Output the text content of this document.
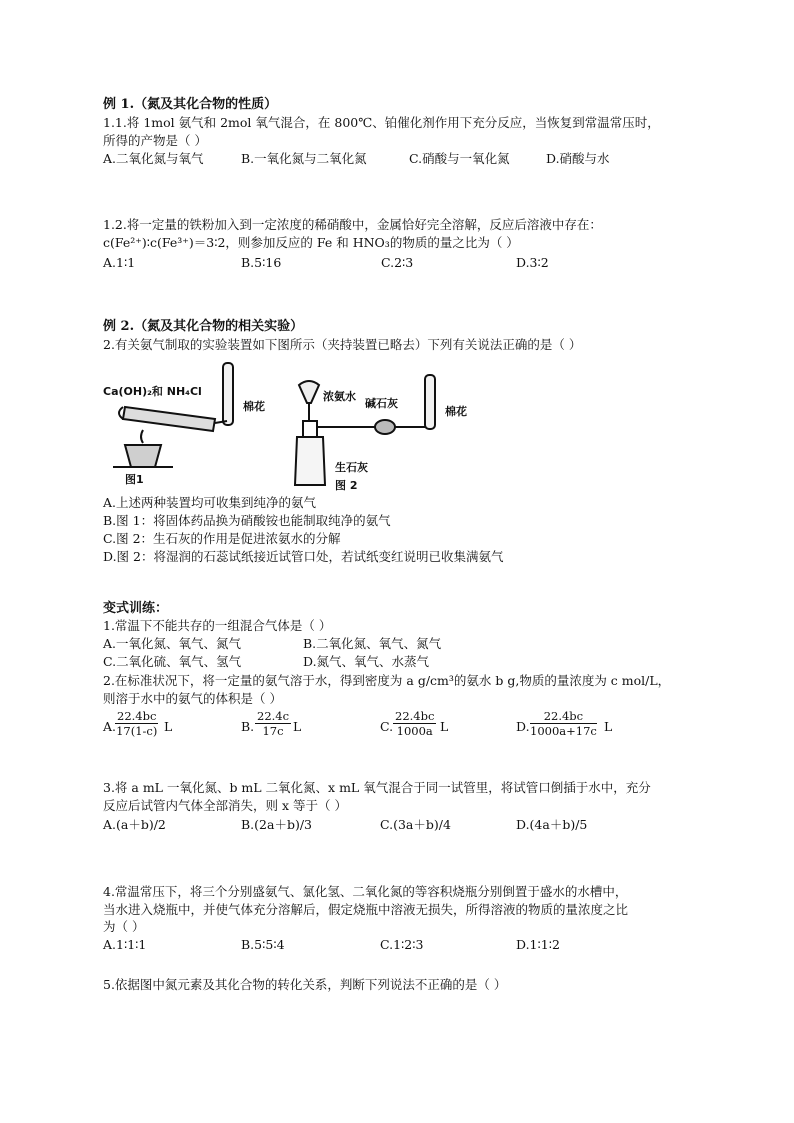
例 1.（氮及其化合物的性质）
1.1.将 1mol 氨气和 2mol 氧气混合，在 800℃、铂催化剂作用下充分反应，当恢复到常温常压时，
所得的产物是（ ）
A.二氧化氮与氧气	B.一氧化氮与二氧化氮	C.硝酸与一氧化氮	D.硝酸与水
1.2.将一定量的铁粉加入到一定浓度的稀硝酸中，金属恰好完全溶解，反应后溶液中存在：
c(Fe²⁺)∶c(Fe³⁺)＝3∶2，则参加反应的 Fe 和 HNO₃的物质的量之比为（ ）
A.1∶1	B.5∶16	C.2∶3	D.3∶2
例 2.（氮及其化合物的相关实验）
2.有关氨气制取的实验装置如下图所示（夹持装置已略去）下列有关说法正确的是（ ）
Ca(OH)₂和 NH₄Cl
棉花
图1
浓氨水
生石灰
碱石灰
棉花
图 2
A.上述两种装置均可收集到纯净的氨气
B.图 1：将固体药品换为硝酸铵也能制取纯净的氨气
C.图 2：生石灰的作用是促进浓氨水的分解
D.图 2：将湿润的石蕊试纸接近试管口处，若试纸变红说明已收集满氨气
变式训练：
1.常温下不能共存的一组混合气体是（ ）
A.一氧化氮、氧气、氮气	B.二氧化氮、氧气、氮气
C.二氧化硫、氧气、氢气	D.氮气、氧气、水蒸气
2.在标准状况下，将一定量的氨气溶于水，得到密度为 a g/cm³的氨水 b g,物质的量浓度为 c mol/L，
则溶于水中的氨气的体积是（ ）
A.
$\frac{22.4bc}{17(1-c)}$ L	B. $\frac{22.4c}{17c}$ L	C. $\frac{22.4bc}{1000a}$ L	D. $\frac{22.4bc}{1000a+17c}$ L
3.将 a mL 一氧化氮、b mL 二氧化氮、x mL 氧气混合于同一试管里，将试管口倒插于水中，充分
反应后试管内气体全部消失，则 x 等于（ ）
A.(a＋b)/2	B.(2a＋b)/3	C.(3a＋b)/4	D.(4a＋b)/5
4.常温常压下，将三个分别盛氨气、氯化氢、二氧化氮的等容积烧瓶分别倒置于盛水的水槽中，
当水进入烧瓶中，并使气体充分溶解后，假定烧瓶中溶液无损失，所得溶液的物质的量浓度之比
为（ ）
A.1∶1∶1	B.5∶5∶4	C.1∶2∶3	D.1∶1∶2
5.依据图中氮元素及其化合物的转化关系，判断下列说法不正确的是（ ）
